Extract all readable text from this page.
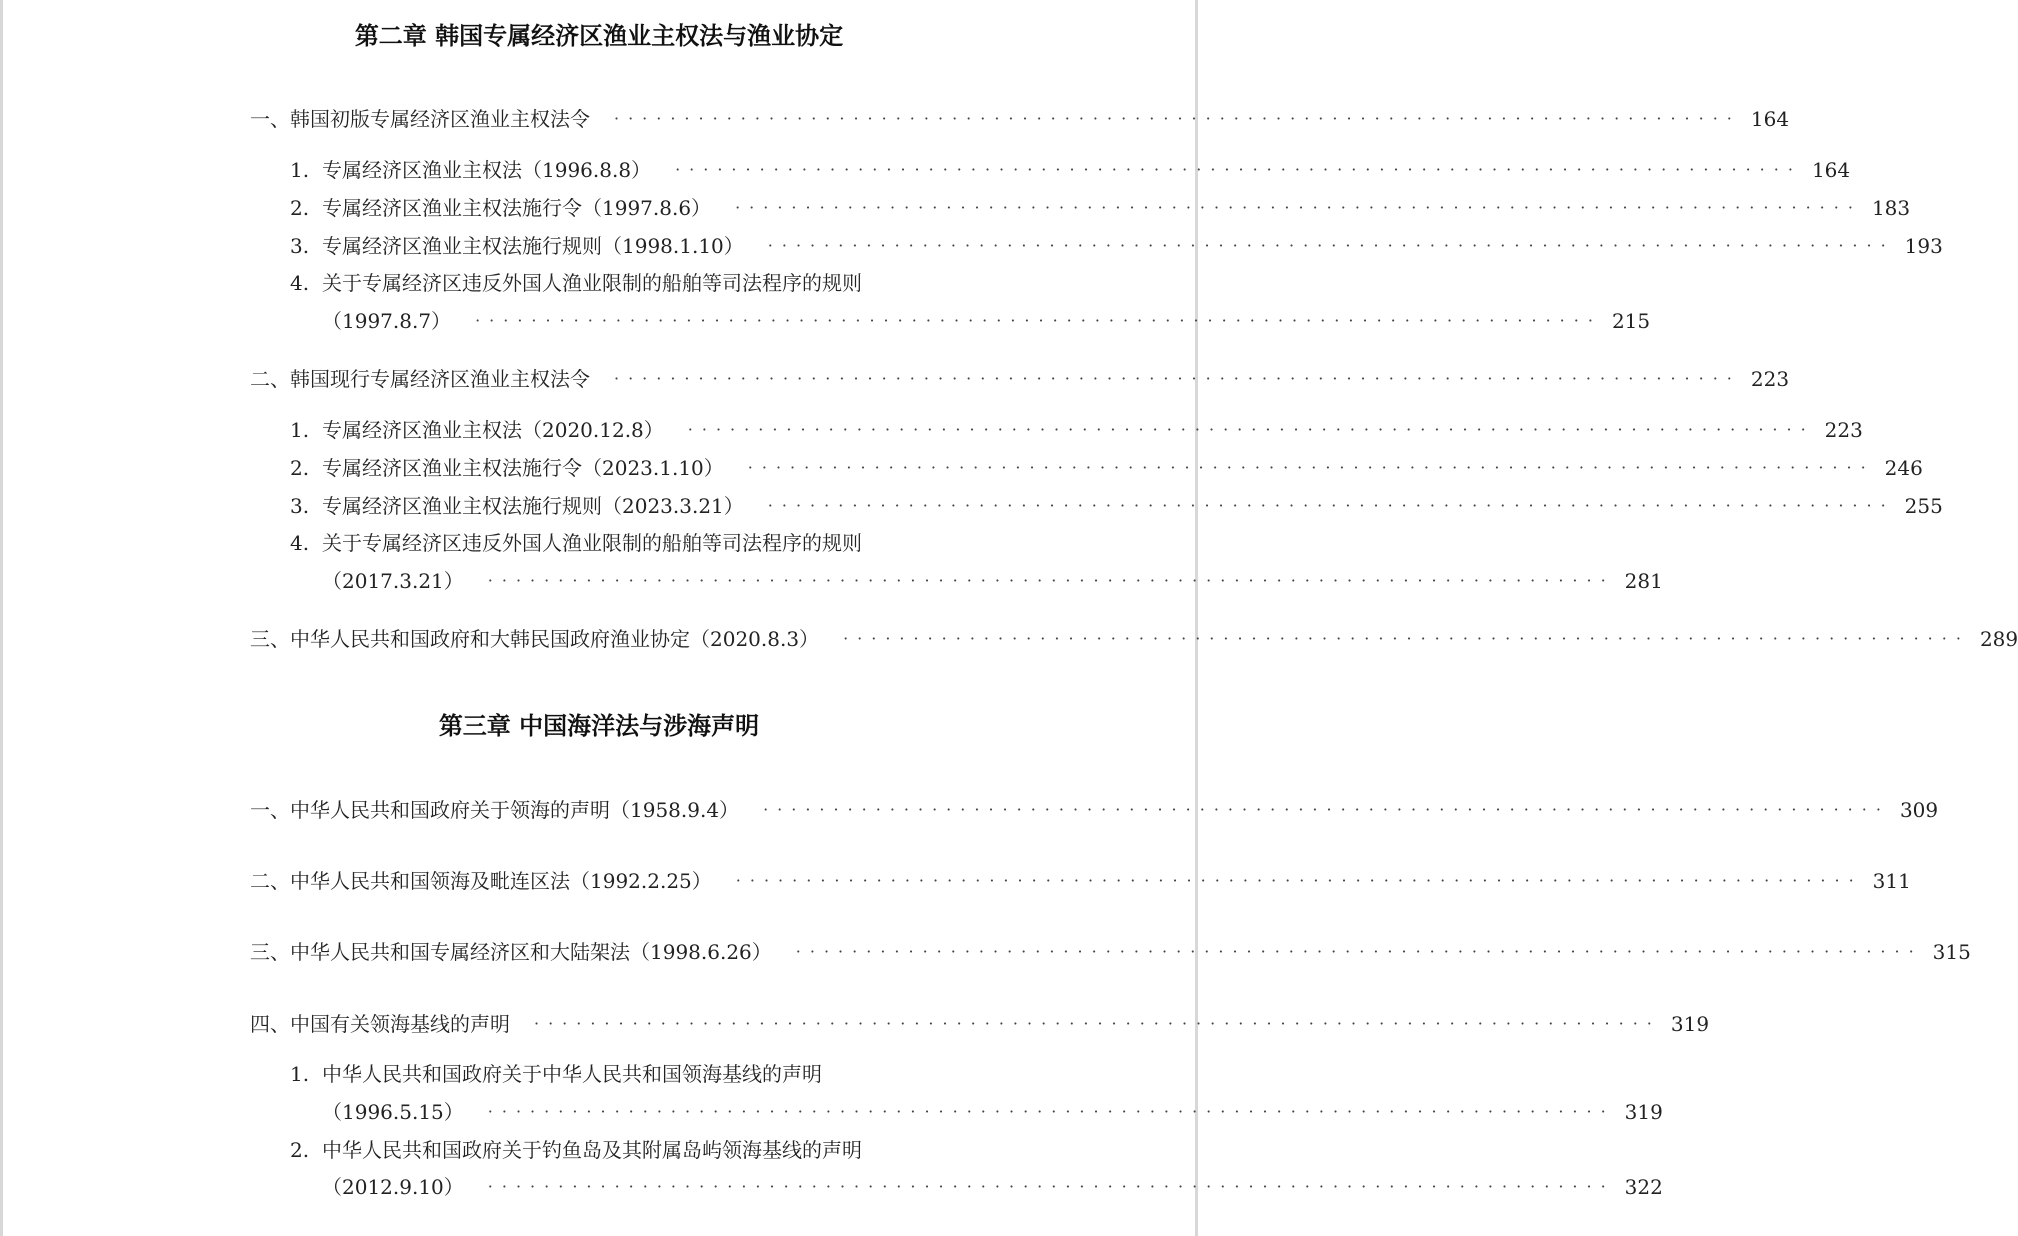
第二章 韩国专属经济区渔业主权法与渔业协定
一、韩国初版专属经济区渔业主权法令 ················································································ 164
1. 专属经济区渔业主权法（1996.8.8） ················································································ 164
2. 专属经济区渔业主权法施行令（1997.8.6） ················································································ 183
3. 专属经济区渔业主权法施行规则（1998.1.10） ················································································ 193
4. 关于专属经济区违反外国人渔业限制的船舶等司法程序的规则
（1997.8.7） ················································································ 215
二、韩国现行专属经济区渔业主权法令 ················································································ 223
1. 专属经济区渔业主权法（2020.12.8） ················································································ 223
2. 专属经济区渔业主权法施行令（2023.1.10） ················································································ 246
3. 专属经济区渔业主权法施行规则（2023.3.21） ················································································ 255
4. 关于专属经济区违反外国人渔业限制的船舶等司法程序的规则
（2017.3.21） ················································································ 281
三、中华人民共和国政府和大韩民国政府渔业协定（2020.8.3） ················································································ 289
第三章 中国海洋法与涉海声明
一、中华人民共和国政府关于领海的声明（1958.9.4） ················································································ 309
二、中华人民共和国领海及毗连区法（1992.2.25） ················································································ 311
三、中华人民共和国专属经济区和大陆架法（1998.6.26） ················································································ 315
四、中国有关领海基线的声明 ················································································ 319
1. 中华人民共和国政府关于中华人民共和国领海基线的声明
（1996.5.15） ················································································ 319
2. 中华人民共和国政府关于钓鱼岛及其附属岛屿领海基线的声明
（2012.9.10） ················································································ 322
